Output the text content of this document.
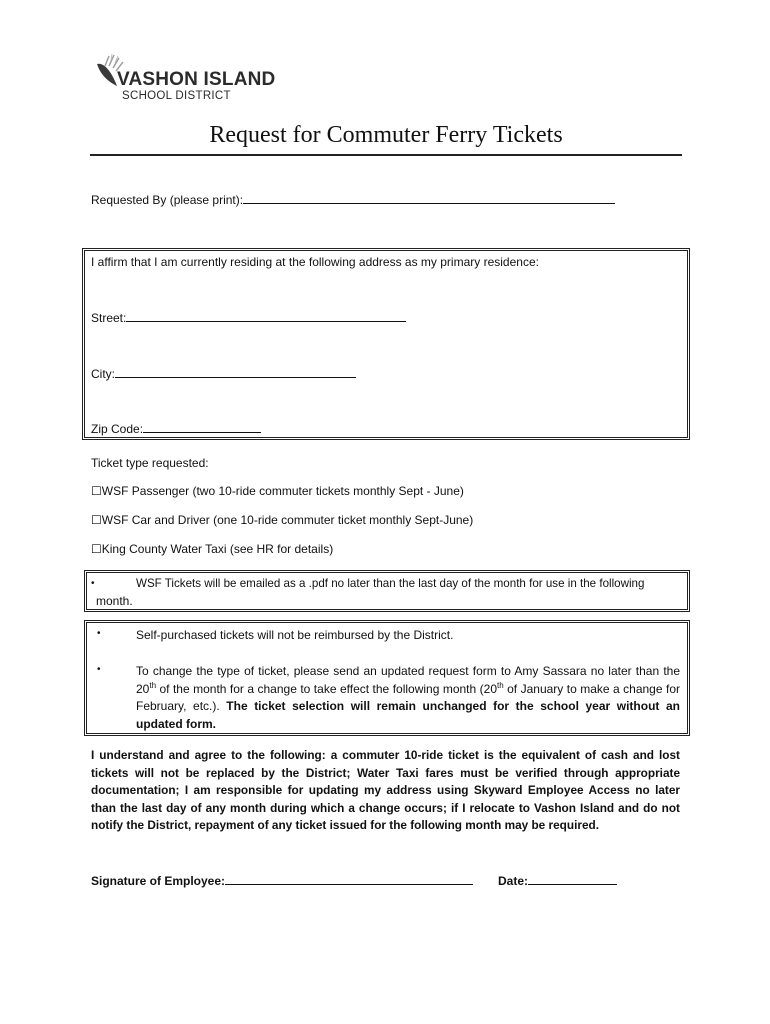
VASHON ISLAND
SCHOOL DISTRICT
Request for Commuter Ferry Tickets
Requested By (please print):
I affirm that I am currently residing at the following address as my primary residence:
Street:
City:
Zip Code:
Ticket type requested:
☐WSF Passenger (two 10-ride commuter tickets monthly Sept - June)
☐WSF Car and Driver (one 10-ride commuter ticket monthly Sept-June)
☐King County Water Taxi (see HR for details)
•	WSF Tickets will be emailed as a .pdf no later than the last day of the month for use in the following
month.
•	Self-purchased tickets will not be reimbursed by the District.
•	To change the type of ticket, please send an updated request form to Amy Sassara no later than the 20th of the month for a change to take effect the following month (20th of January to make a change for February, etc.). The ticket selection will remain unchanged for the school year without an updated form.
I understand and agree to the following: a commuter 10-ride ticket is the equivalent of cash and lost tickets will not be replaced by the District; Water Taxi fares must be verified through appropriate documentation; I am responsible for updating my address using Skyward Employee Access no later than the last day of any month during which a change occurs; if I relocate to Vashon Island and do not notify the District, repayment of any ticket issued for the following month may be required.
Signature of Employee:	Date:
